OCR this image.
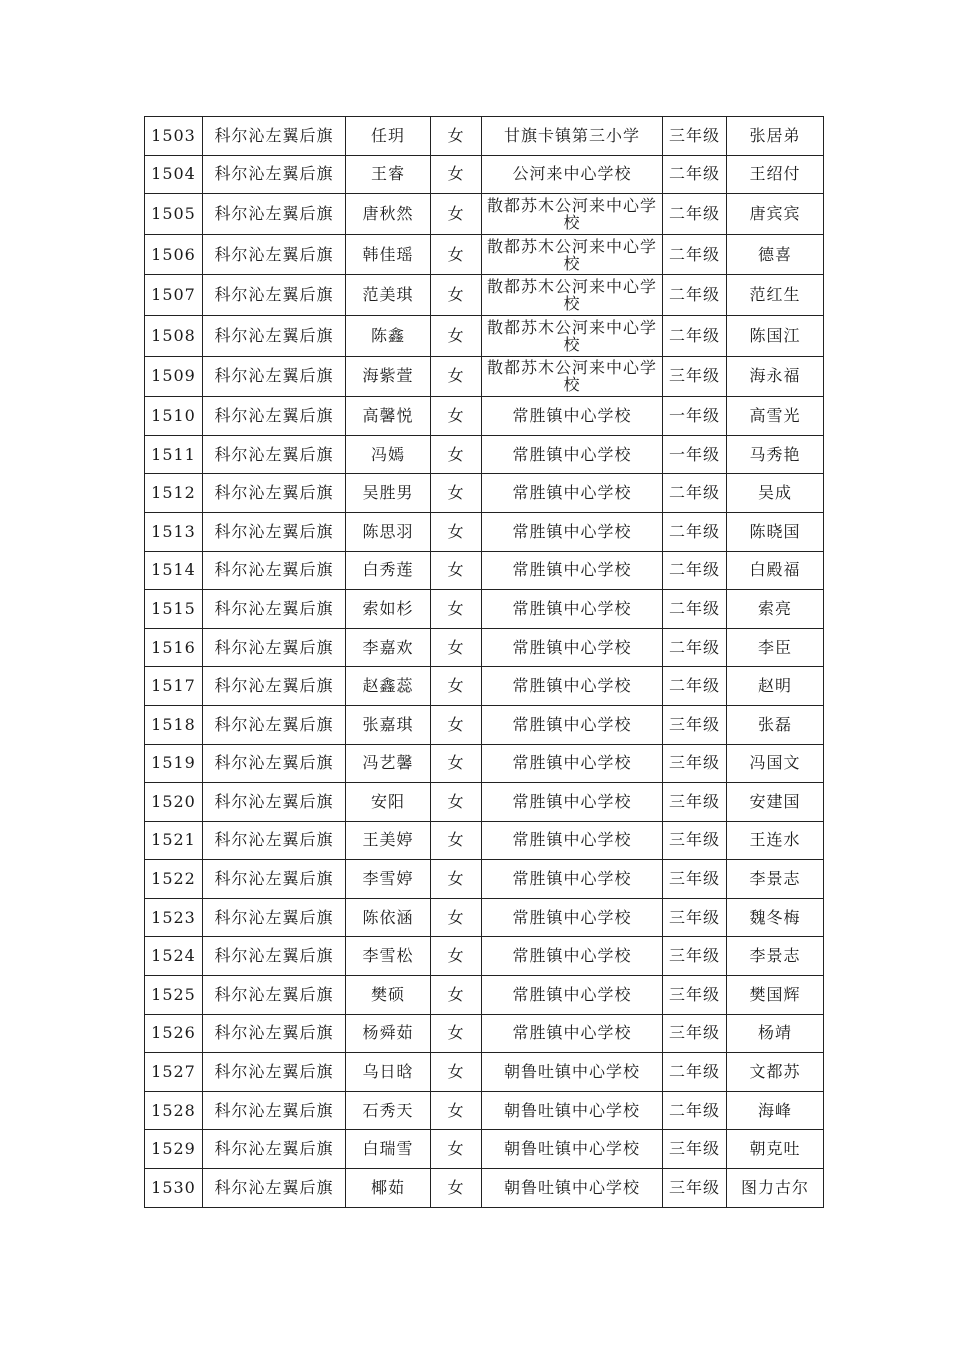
1503	科尔沁左翼后旗	任玥	女	甘旗卡镇第三小学	三年级	张居弟
1504	科尔沁左翼后旗	王睿	女	公河来中心学校	二年级	王绍付
1505	科尔沁左翼后旗	唐秋然	女	散都苏木公河来中心学校	二年级	唐宾宾
1506	科尔沁左翼后旗	韩佳瑶	女	散都苏木公河来中心学校	二年级	德喜
1507	科尔沁左翼后旗	范美琪	女	散都苏木公河来中心学校	二年级	范红生
1508	科尔沁左翼后旗	陈鑫	女	散都苏木公河来中心学校	二年级	陈国江
1509	科尔沁左翼后旗	海紫萱	女	散都苏木公河来中心学校	三年级	海永福
1510	科尔沁左翼后旗	高馨悦	女	常胜镇中心学校	一年级	高雪光
1511	科尔沁左翼后旗	冯嫣	女	常胜镇中心学校	一年级	马秀艳
1512	科尔沁左翼后旗	吴胜男	女	常胜镇中心学校	二年级	吴成
1513	科尔沁左翼后旗	陈思羽	女	常胜镇中心学校	二年级	陈晓国
1514	科尔沁左翼后旗	白秀莲	女	常胜镇中心学校	二年级	白殿福
1515	科尔沁左翼后旗	索如杉	女	常胜镇中心学校	二年级	索亮
1516	科尔沁左翼后旗	李嘉欢	女	常胜镇中心学校	二年级	李臣
1517	科尔沁左翼后旗	赵鑫蕊	女	常胜镇中心学校	二年级	赵明
1518	科尔沁左翼后旗	张嘉琪	女	常胜镇中心学校	三年级	张磊
1519	科尔沁左翼后旗	冯艺馨	女	常胜镇中心学校	三年级	冯国文
1520	科尔沁左翼后旗	安阳	女	常胜镇中心学校	三年级	安建国
1521	科尔沁左翼后旗	王美婷	女	常胜镇中心学校	三年级	王连水
1522	科尔沁左翼后旗	李雪婷	女	常胜镇中心学校	三年级	李景志
1523	科尔沁左翼后旗	陈依涵	女	常胜镇中心学校	三年级	魏冬梅
1524	科尔沁左翼后旗	李雪松	女	常胜镇中心学校	三年级	李景志
1525	科尔沁左翼后旗	樊硕	女	常胜镇中心学校	三年级	樊国辉
1526	科尔沁左翼后旗	杨舜茹	女	常胜镇中心学校	三年级	杨靖
1527	科尔沁左翼后旗	乌日晗	女	朝鲁吐镇中心学校	二年级	文都苏
1528	科尔沁左翼后旗	石秀天	女	朝鲁吐镇中心学校	二年级	海峰
1529	科尔沁左翼后旗	白瑞雪	女	朝鲁吐镇中心学校	三年级	朝克吐
1530	科尔沁左翼后旗	椰茹	女	朝鲁吐镇中心学校	三年级	图力古尔
